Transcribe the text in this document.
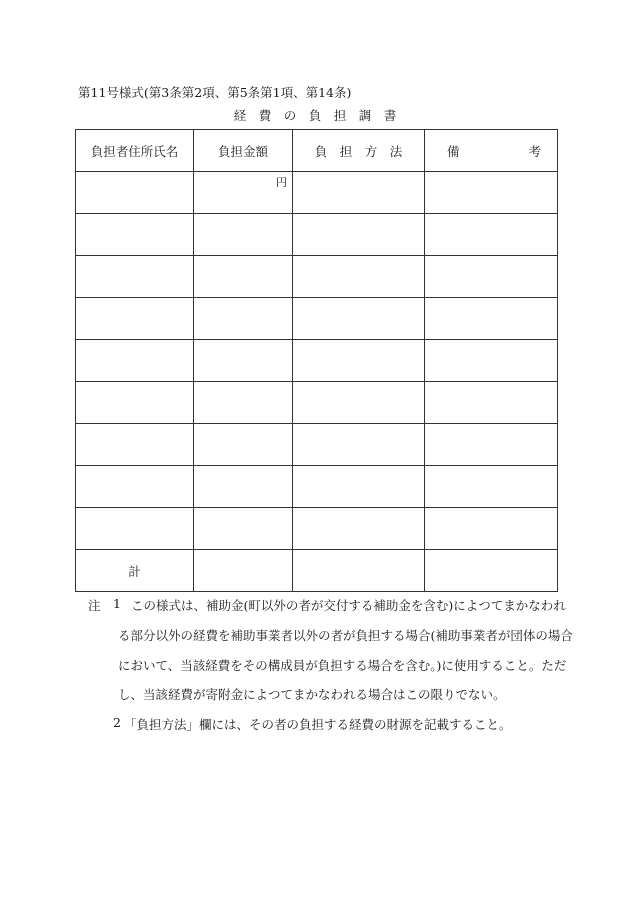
第11号様式(第3条第2項、第5条第1項、第14条)
経　費　の　負　担　調　書
負担者住所氏名	負担金額	負　担　方　法	備 考

	円		

計			

注 1 この様式は、補助金(町以外の者が交付する補助金を含む)によつてまかなわれ
る部分以外の経費を補助事業者以外の者が負担する場合(補助事業者が団体の場合
において、当該経費をその構成員が負担する場合を含む。)に使用すること。ただ
し、当該経費が寄附金によつてまかなわれる場合はこの限りでない。
2 「負担方法」欄には、その者の負担する経費の財源を記載すること。
